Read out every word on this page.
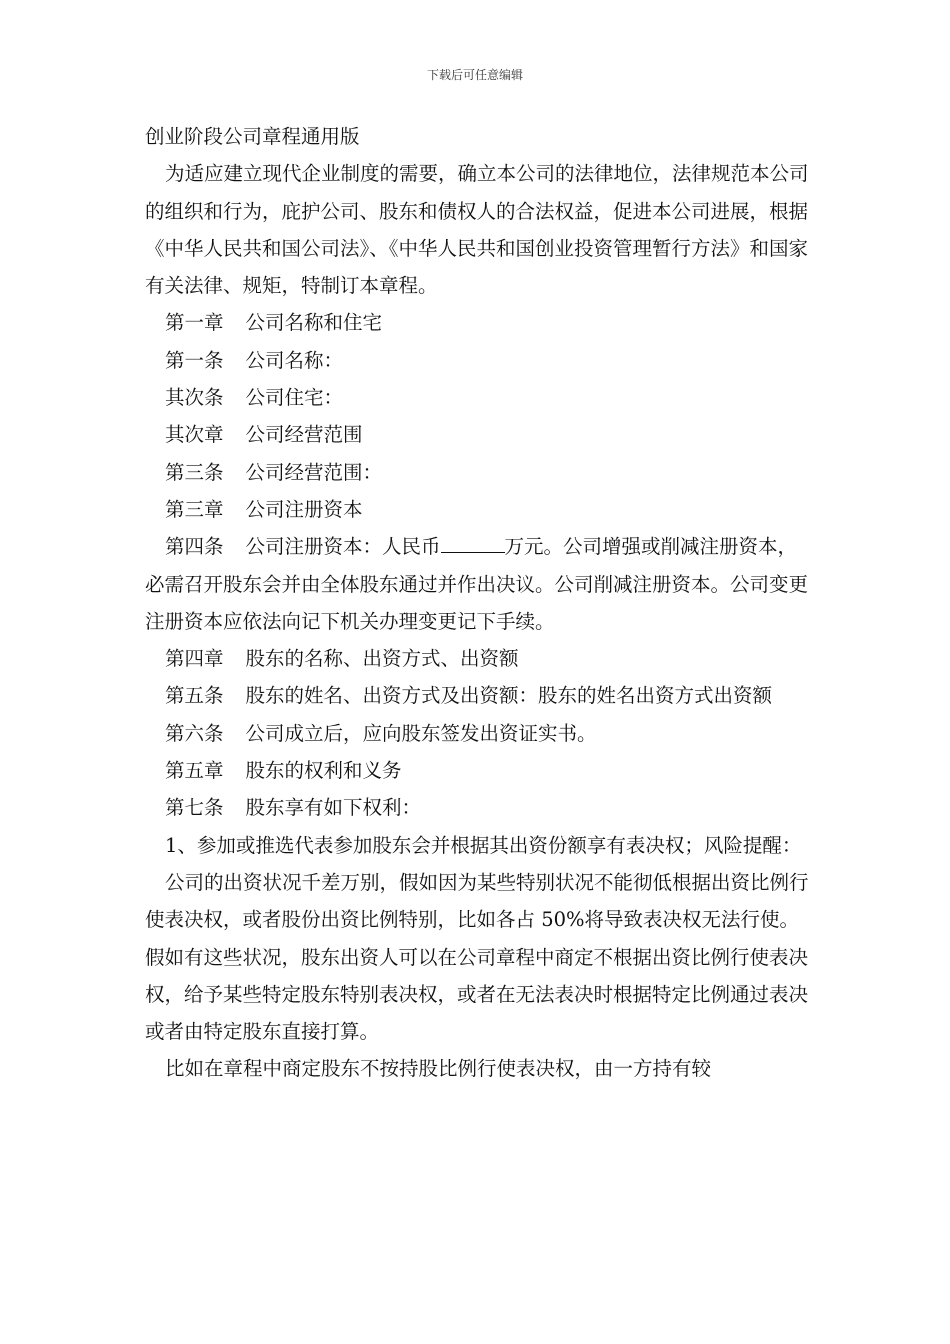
下载后可任意编辑

创业阶段公司章程通用版

为适应建立现代企业制度的需要，确立本公司的法律地位，法律规范本公司的组织和行为，庇护公司、股东和债权人的合法权益，促进本公司进展，根据《中华人民共和国公司法》、《中华人民共和国创业投资管理暂行方法》和国家有关法律、规矩，特制订本章程。

第一章 公司名称和住宅

第一条 公司名称：

其次条 公司住宅：

其次章 公司经营范围

第三条 公司经营范围：

第三章 公司注册资本

第四条 公司注册资本：人民币	万元。公司增强或削减注册资本，必需召开股东会并由全体股东通过并作出决议。公司削减注册资本。公司变更注册资本应依法向记下机关办理变更记下手续。

第四章 股东的名称、出资方式、出资额

第五条 股东的姓名、出资方式及出资额：股东的姓名出资方式出资额

第六条 公司成立后，应向股东签发出资证实书。

第五章 股东的权利和义务

第七条 股东享有如下权利：

1、参加或推选代表参加股东会并根据其出资份额享有表决权；风险提醒：

公司的出资状况千差万别，假如因为某些特别状况不能彻低根据出资比例行使表决权，或者股份出资比例特别，比如各占 50%将导致表决权无法行使。假如有这些状况，股东出资人可以在公司章程中商定不根据出资比例行使表决权，给予某些特定股东特别表决权，或者在无法表决时根据特定比例通过表决或者由特定股东直接打算。

比如在章程中商定股东不按持股比例行使表决权，由一方持有较
